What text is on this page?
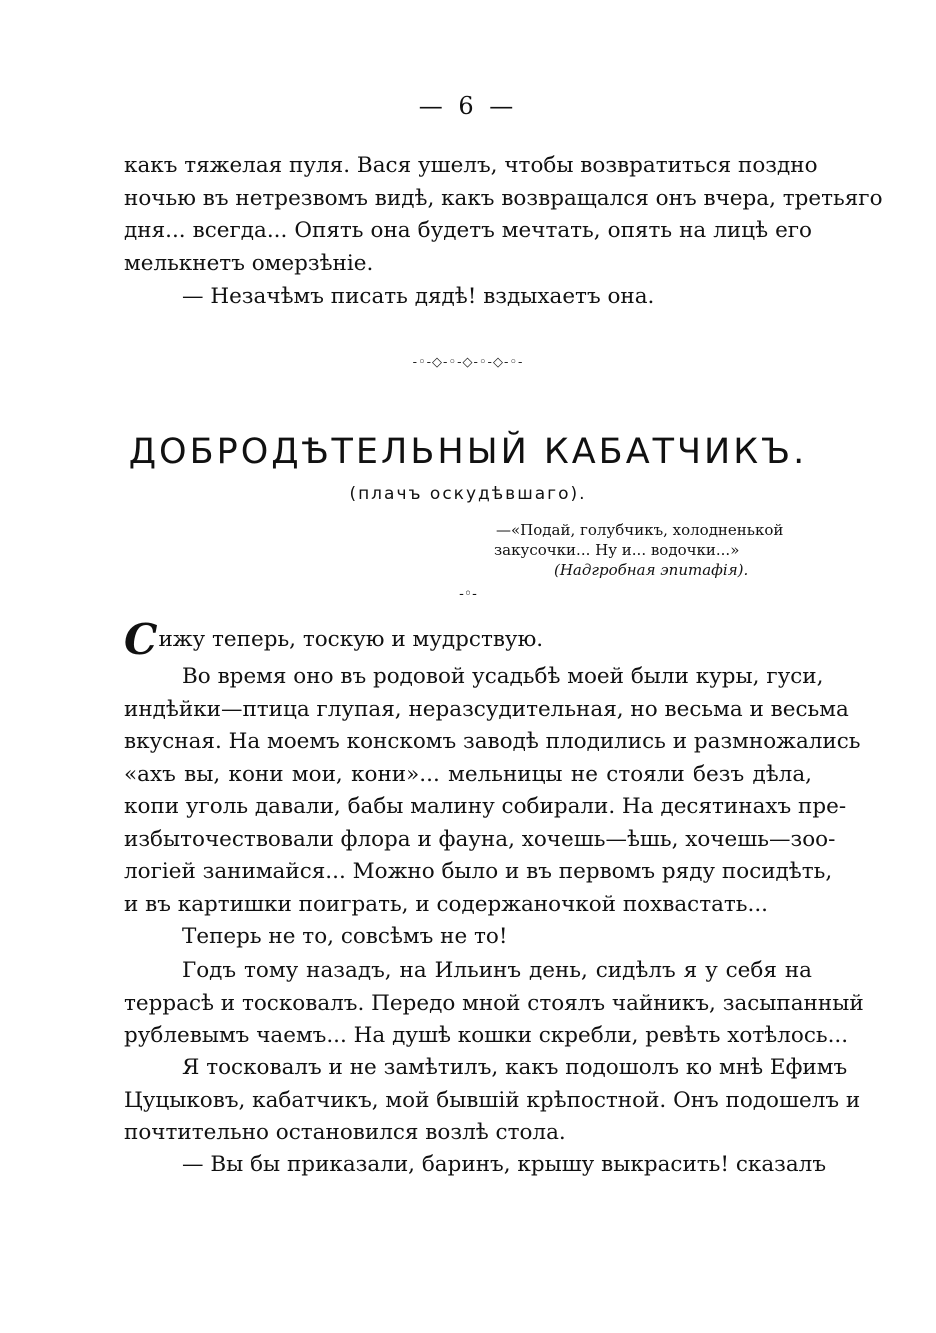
— 6 —
какъ тяжелая пуля. Вася ушелъ, чтобы возвратиться поздно
ночью въ нетрезвомъ видѣ, какъ возвращался онъ вчера, третьяго
дня... всегда... Опять она будетъ мечтать, опять на лицѣ его
мелькнетъ омерзѣніе.
— Незачѣмъ писать дядѣ! вздыхаетъ она.
-◦-◇-◦-◇-◦-◇-◦-
ДОБРОДѢТЕЛЬНЫЙ КАБАТЧИКЪ.
(плачъ оскудѣвшаго).
—«Подай, голубчикъ, холодненькой
закусочки... Ну и... водочки...»
(Надгробная эпитафія).
-◦-
Сижу теперь, тоскую и мудрствую.
Во время оно въ родовой усадьбѣ моей были куры, гуси,
индѣйки—птица глупая, неразсудительная, но весьма и весьма
вкусная. На моемъ конскомъ заводѣ плодились и размножались
«ахъ вы, кони мои, кони»... мельницы не стояли безъ дѣла,
копи уголь давали, бабы малину собирали. На десятинахъ пре-
избыточествовали флора и фауна, хочешь—ѣшь, хочешь—зоо-
логіей занимайся... Можно было и въ первомъ ряду посидѣть,
и въ картишки поиграть, и содержаночкой похвастать...
Теперь не то, совсѣмъ не то!
Годъ тому назадъ, на Ильинъ день, сидѣлъ я у себя на
террасѣ и тосковалъ. Передо мной стоялъ чайникъ, засыпанный
рублевымъ чаемъ... На душѣ кошки скребли, ревѣть хотѣлось...
Я тосковалъ и не замѣтилъ, какъ подошолъ ко мнѣ Ефимъ
Цуцыковъ, кабатчикъ, мой бывшій крѣпостной. Онъ подошелъ и
почтительно остановился возлѣ стола.
— Вы бы приказали, баринъ, крышу выкрасить! сказалъ
